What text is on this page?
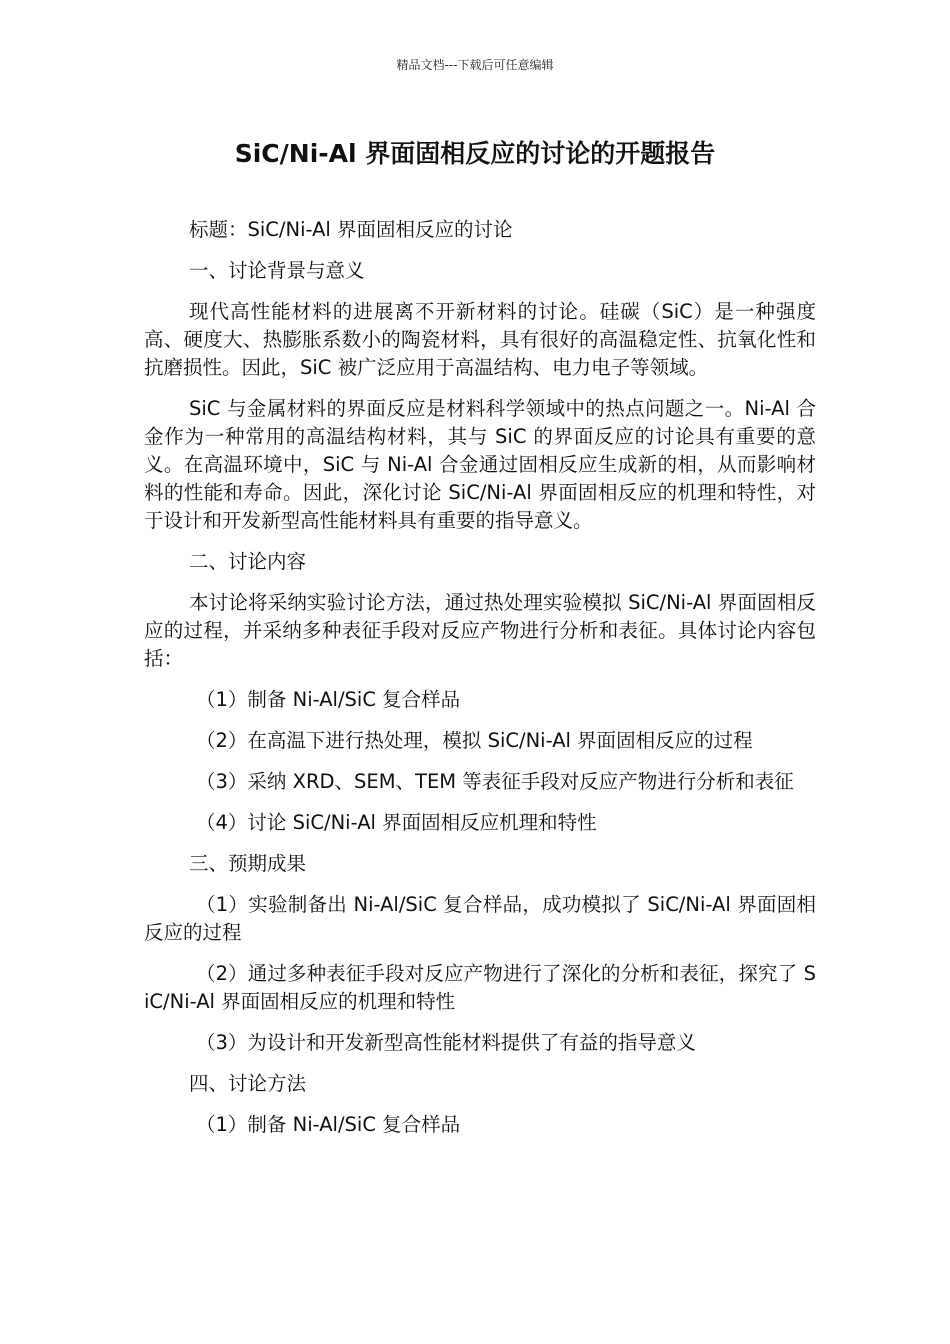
精品文档---下载后可任意编辑
SiC/Ni-Al 界面固相反应的讨论的开题报告

标题：SiC/Ni-Al 界面固相反应的讨论

一、讨论背景与意义

现代高性能材料的进展离不开新材料的讨论。硅碳（SiC）是一种强度高、硬度大、热膨胀系数小的陶瓷材料，具有很好的高温稳定性、抗氧化性和抗磨损性。因此，SiC 被广泛应用于高温结构、电力电子等领域。

SiC 与金属材料的界面反应是材料科学领域中的热点问题之一。Ni-Al 合金作为一种常用的高温结构材料，其与 SiC 的界面反应的讨论具有重要的意义。在高温环境中，SiC 与 Ni-Al 合金通过固相反应生成新的相，从而影响材料的性能和寿命。因此，深化讨论 SiC/Ni-Al 界面固相反应的机理和特性，对于设计和开发新型高性能材料具有重要的指导意义。

二、讨论内容

本讨论将采纳实验讨论方法，通过热处理实验模拟 SiC/Ni-Al 界面固相反应的过程，并采纳多种表征手段对反应产物进行分析和表征。具体讨论内容包括：

（1）制备 Ni-Al/SiC 复合样品

（2）在高温下进行热处理，模拟 SiC/Ni-Al 界面固相反应的过程

（3）采纳 XRD、SEM、TEM 等表征手段对反应产物进行分析和表征

（4）讨论 SiC/Ni-Al 界面固相反应机理和特性

三、预期成果

（1）实验制备出 Ni-Al/SiC 复合样品，成功模拟了 SiC/Ni-Al 界面固相反应的过程

（2）通过多种表征手段对反应产物进行了深化的分析和表征，探究了 SiC/Ni-Al 界面固相反应的机理和特性

（3）为设计和开发新型高性能材料提供了有益的指导意义

四、讨论方法

（1）制备 Ni-Al/SiC 复合样品
